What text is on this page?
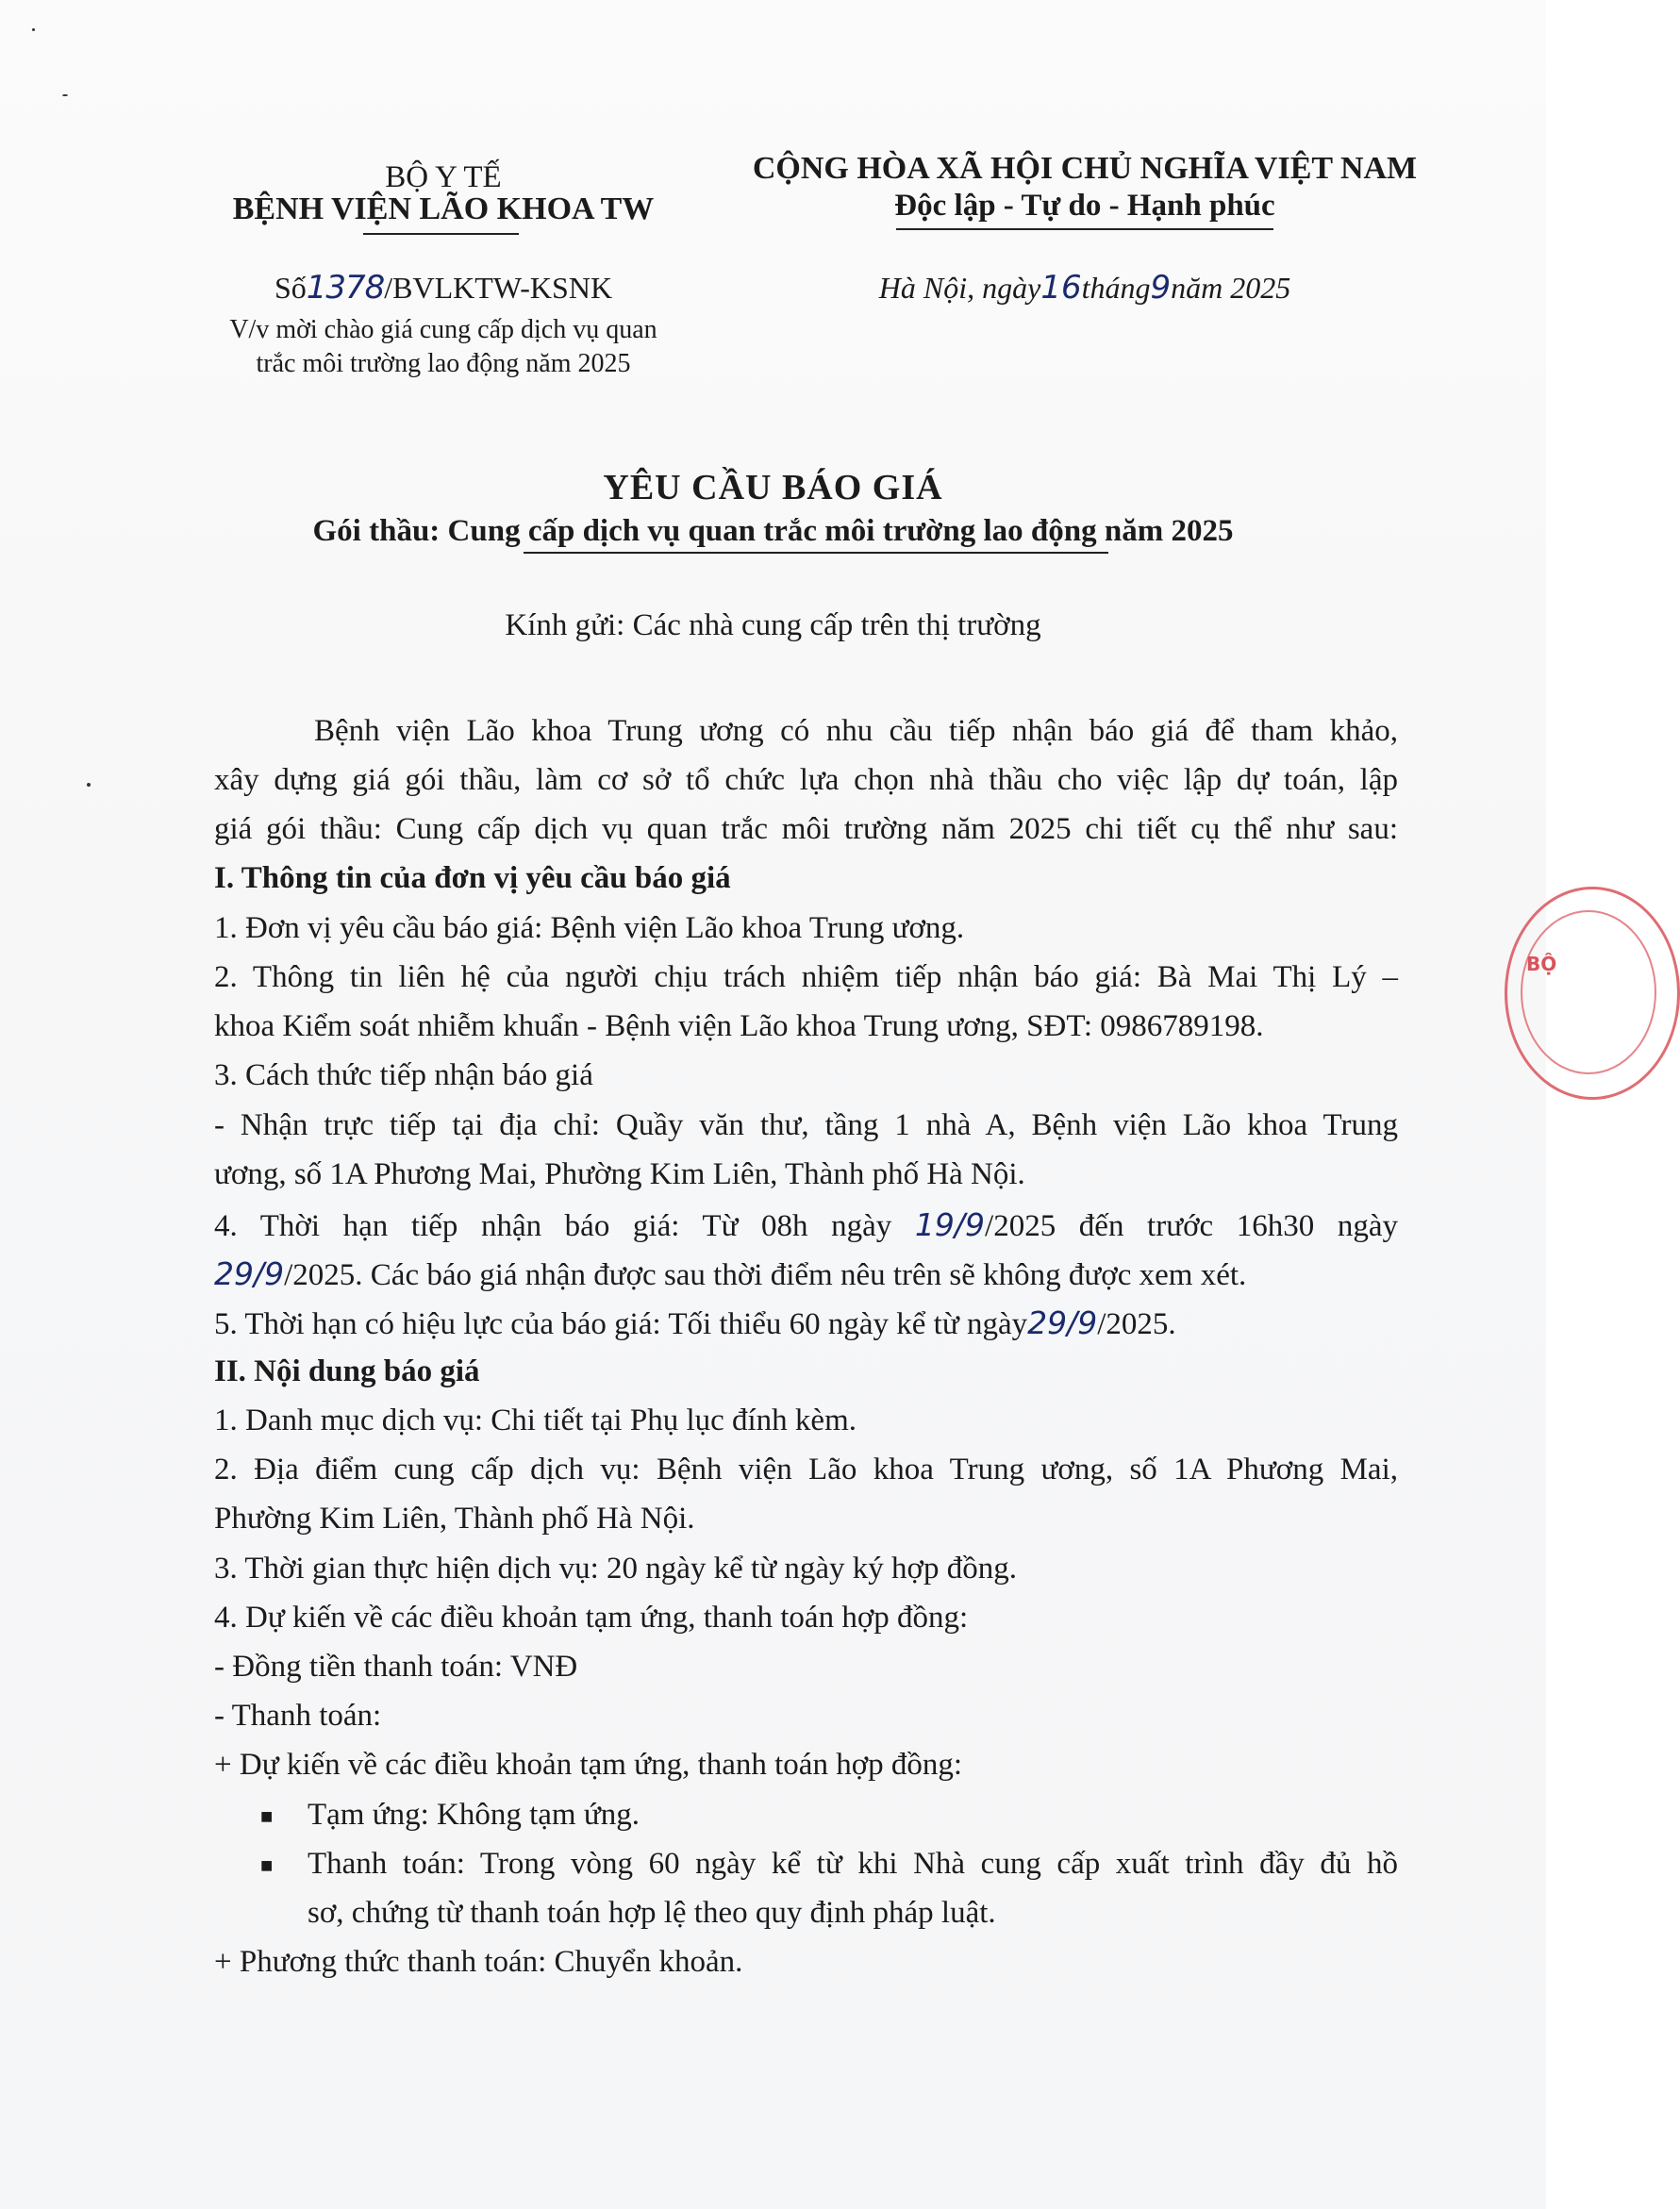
BỘ Y TẾ
BỆNH VIỆN LÃO KHOA TW
Số1378/BVLKTW-KSNK
V/v mời chào giá cung cấp dịch vụ quan
trắc môi trường lao động năm 2025
CỘNG HÒA XÃ HỘI CHỦ NGHĨA VIỆT NAM
Độc lập - Tự do - Hạnh phúc
Hà Nội, ngày16tháng9năm 2025
YÊU CẦU BÁO GIÁ
Gói thầu: Cung cấp dịch vụ quan trắc môi trường lao động năm 2025
Kính gửi: Các nhà cung cấp trên thị trường
Bệnh viện Lão khoa Trung ương có nhu cầu tiếp nhận báo giá để tham khảo,
xây dựng giá gói thầu, làm cơ sở tổ chức lựa chọn nhà thầu cho việc lập dự toán, lập
giá gói thầu: Cung cấp dịch vụ quan trắc môi trường năm 2025 chi tiết cụ thể như sau:
I. Thông tin của đơn vị yêu cầu báo giá
1. Đơn vị yêu cầu báo giá: Bệnh viện Lão khoa Trung ương.
2. Thông tin liên hệ của người chịu trách nhiệm tiếp nhận báo giá: Bà Mai Thị Lý –
khoa Kiểm soát nhiễm khuẩn - Bệnh viện Lão khoa Trung ương, SĐT: 0986789198.
3. Cách thức tiếp nhận báo giá
- Nhận trực tiếp tại địa chỉ: Quầy văn thư, tầng 1 nhà A, Bệnh viện Lão khoa Trung
ương, số 1A Phương Mai, Phường Kim Liên, Thành phố Hà Nội.
4. Thời hạn tiếp nhận báo giá: Từ 08h ngày 19/9/2025 đến trước 16h30 ngày
29/9/2025. Các báo giá nhận được sau thời điểm nêu trên sẽ không được xem xét.
5. Thời hạn có hiệu lực của báo giá: Tối thiểu 60 ngày kể từ ngày29/9/2025.
II. Nội dung báo giá
1. Danh mục dịch vụ: Chi tiết tại Phụ lục đính kèm.
2. Địa điểm cung cấp dịch vụ: Bệnh viện Lão khoa Trung ương, số 1A Phương Mai,
Phường Kim Liên, Thành phố Hà Nội.
3. Thời gian thực hiện dịch vụ: 20 ngày kể từ ngày ký hợp đồng.
4. Dự kiến về các điều khoản tạm ứng, thanh toán hợp đồng:
- Đồng tiền thanh toán: VNĐ
- Thanh toán:
+ Dự kiến về các điều khoản tạm ứng, thanh toán hợp đồng:
■ Tạm ứng: Không tạm ứng.
■ Thanh toán: Trong vòng 60 ngày kể từ khi Nhà cung cấp xuất trình đầy đủ hồ
sơ, chứng từ thanh toán hợp lệ theo quy định pháp luật.
+ Phương thức thanh toán: Chuyển khoản.
BỘ
